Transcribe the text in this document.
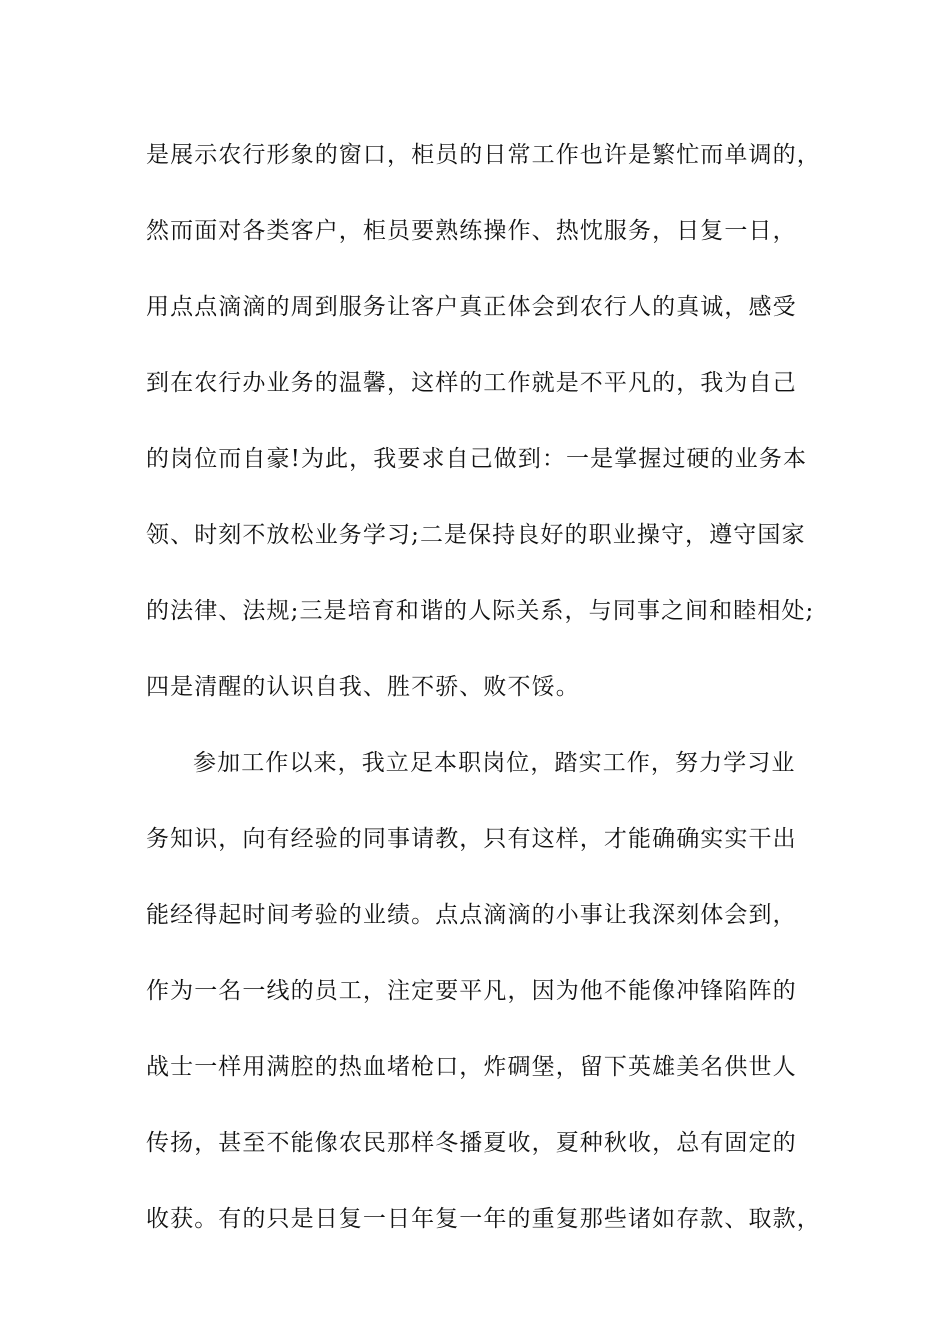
是展示农行形象的窗口，柜员的日常工作也许是繁忙而单调的，
然而面对各类客户，柜员要熟练操作、热忱服务，日复一日，
用点点滴滴的周到服务让客户真正体会到农行人的真诚，感受
到在农行办业务的温馨，这样的工作就是不平凡的，我为自己
的岗位而自豪!为此，我要求自己做到：一是掌握过硬的业务本
领、时刻不放松业务学习;二是保持良好的职业操守，遵守国家
的法律、法规;三是培育和谐的人际关系，与同事之间和睦相处;
四是清醒的认识自我、胜不骄、败不馁。
参加工作以来，我立足本职岗位，踏实工作，努力学习业
务知识，向有经验的同事请教，只有这样，才能确确实实干出
能经得起时间考验的业绩。点点滴滴的小事让我深刻体会到，
作为一名一线的员工，注定要平凡，因为他不能像冲锋陷阵的
战士一样用满腔的热血堵枪口，炸碉堡，留下英雄美名供世人
传扬，甚至不能像农民那样冬播夏收，夏种秋收，总有固定的
收获。有的只是日复一日年复一年的重复那些诸如存款、取款，
